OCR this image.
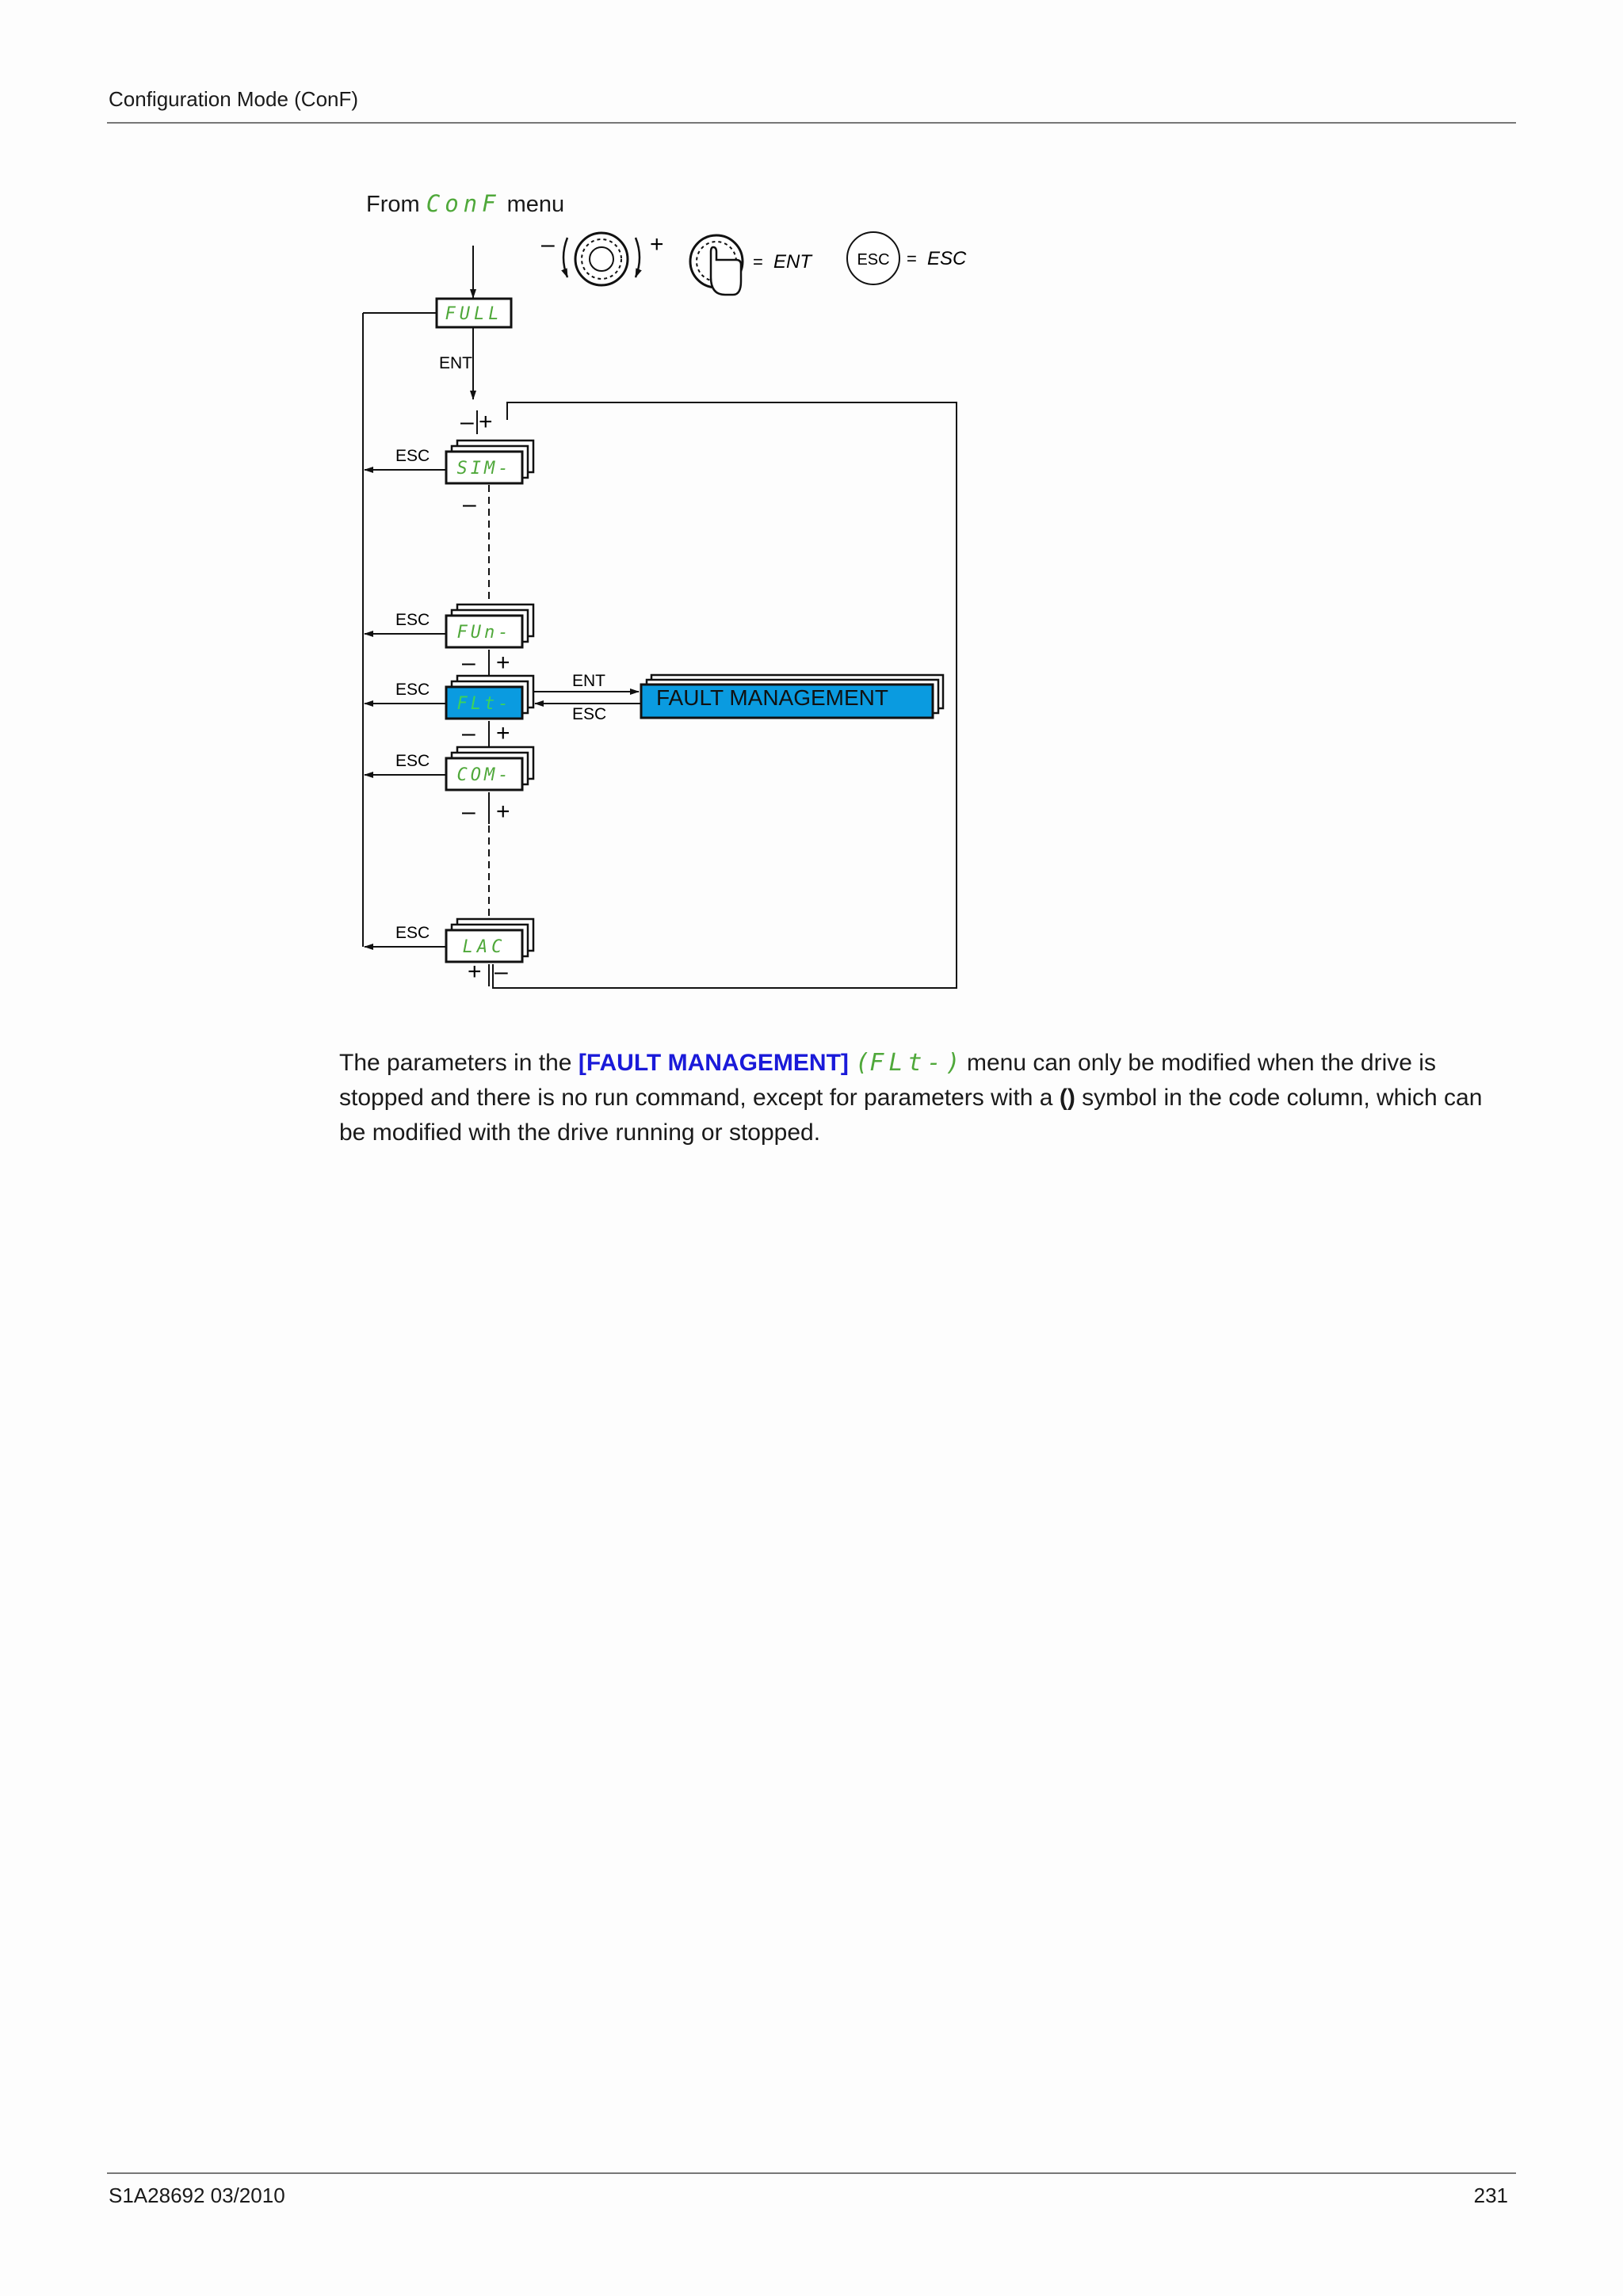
Configuration Mode (ConF)
From ConF menu
–	+
= ENT	ESC = ESC
FULL
ENT
– +
SIM-
ESC
–
FUn-
ESC
– +
FLt-
ESC	ENT
ESC
FAULT MANAGEMENT
– +
COM-
ESC
– +
LAC
ESC
+ –
The parameters in the [FAULT MANAGEMENT] (FLt-) menu can only be modified when the drive is
stopped and there is no run command, except for parameters with a () symbol in the code column, which can
be modified with the drive running or stopped.
S1A28692 03/2010	231
